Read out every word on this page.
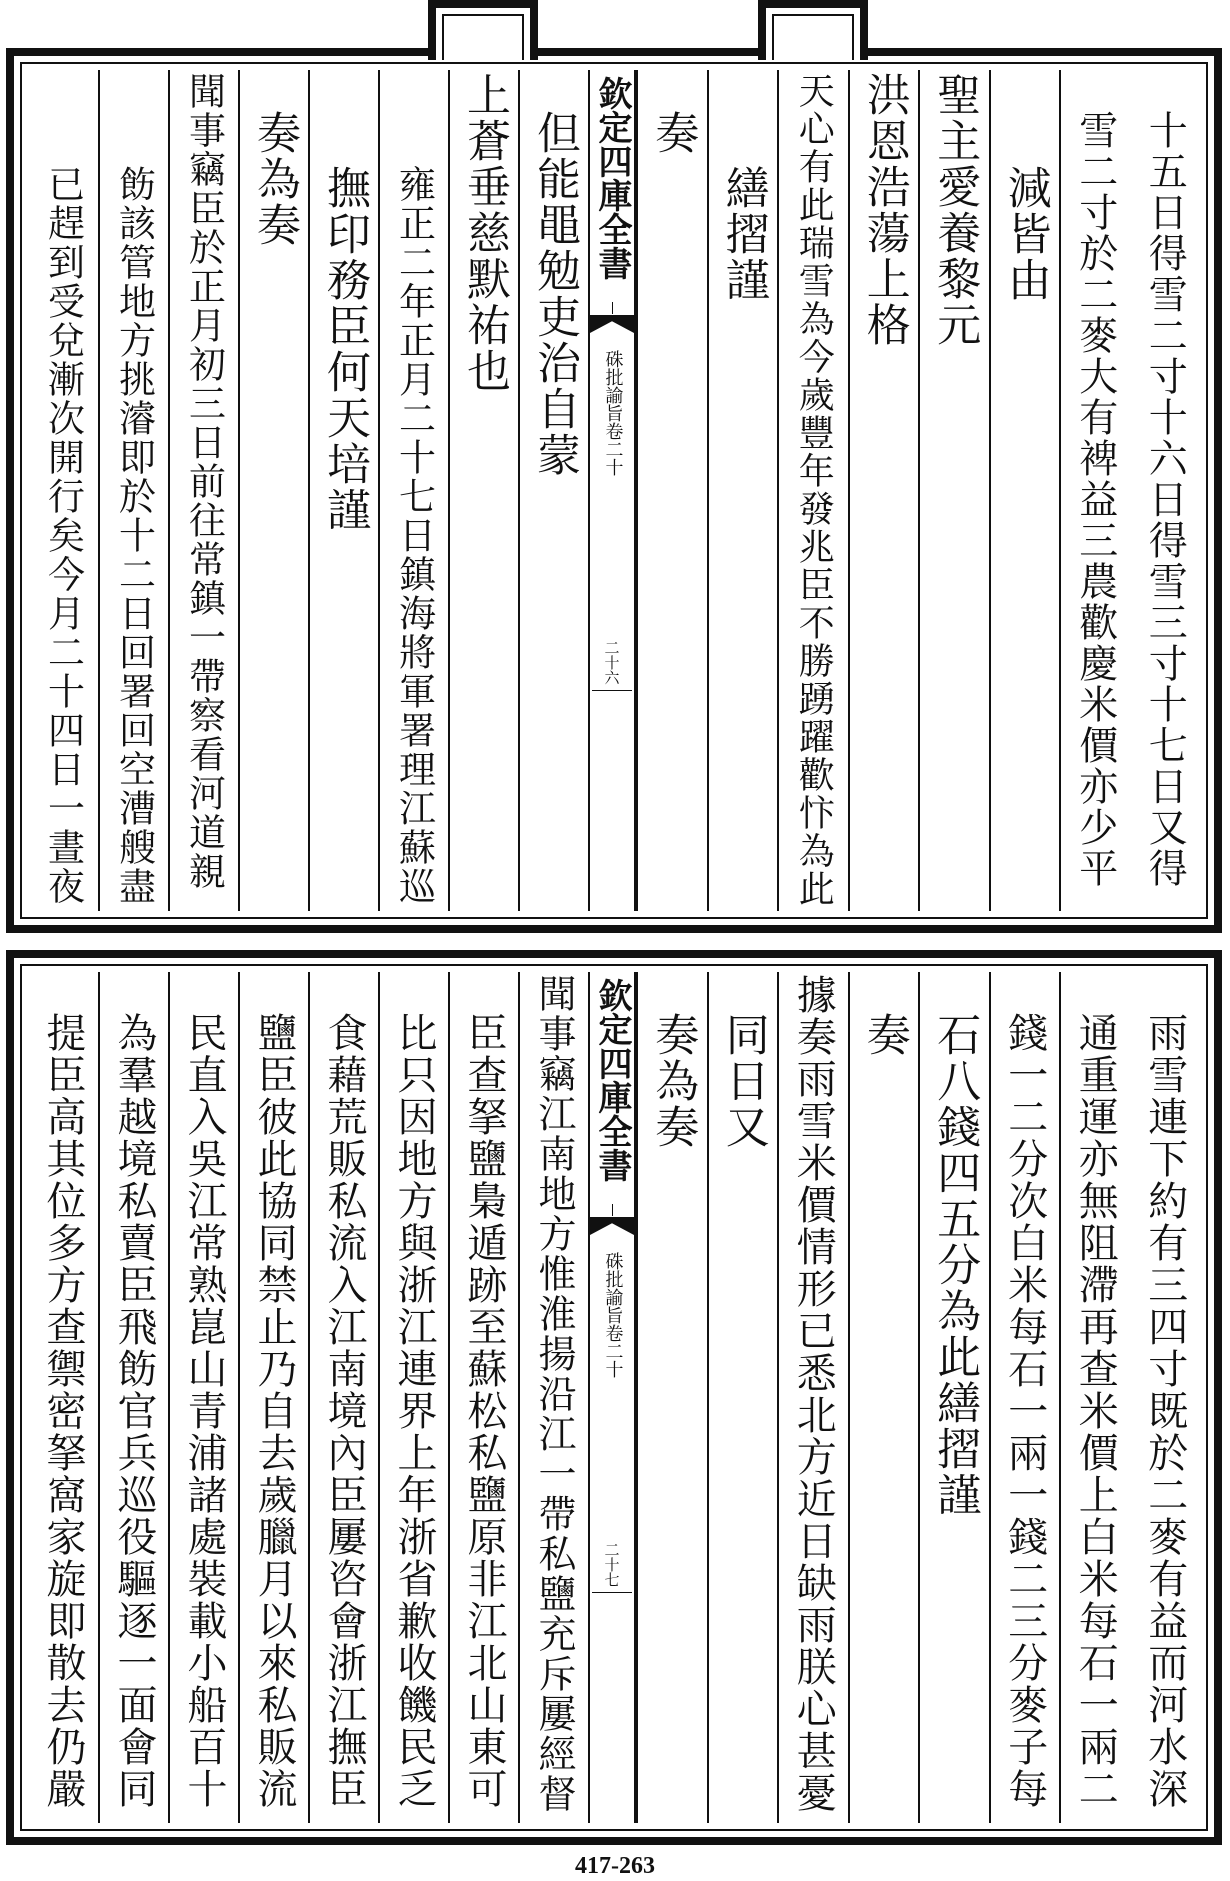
十五日得雪二寸十六日得雪三寸十七日又得
雪二寸於二麥大有裨益三農歡慶米價亦少平
減皆由
聖主愛養黎元
洪恩浩蕩上格
天心有此瑞雪為今歲豐年發兆臣不勝踴躍歡忭為此
繕摺謹
奏
欽定四庫全書
硃批諭旨卷二十
二十六
但能黽勉吏治自蒙
上蒼垂慈默祐也
雍正二年正月二十七日鎮海將軍署理江蘇巡
撫印務臣何天培謹
奏為奏
聞事竊臣於正月初三日前往常鎮一帶察看河道親
飭該管地方挑濬即於十二日回署回空漕艘盡
已趕到受兌漸次開行矣今月二十四日一晝夜
雨雪連下約有三四寸既於二麥有益而河水深
通重運亦無阻滯再查米價上白米每石一兩二
錢一二分次白米每石一兩一錢二三分麥子每
石八錢四五分為此繕摺謹
奏
據奏雨雪米價情形已悉北方近日缺雨朕心甚憂
同日又
奏為奏
欽定四庫全書
硃批諭旨卷二十
二十七
聞事竊江南地方惟淮揚沿江一帶私鹽充斥屢經督
臣查拏鹽梟遁跡至蘇松私鹽原非江北山東可
比只因地方與浙江連界上年浙省歉收饑民乏
食藉荒販私流入江南境內臣屢咨會浙江撫臣
鹽臣彼此協同禁止乃自去歲臘月以來私販流
民直入吳江常熟崑山青浦諸處裝載小船百十
為羣越境私賣臣飛飭官兵巡役驅逐一面會同
提臣高其位多方查禦密拏窩家旋即散去仍嚴
417-263
